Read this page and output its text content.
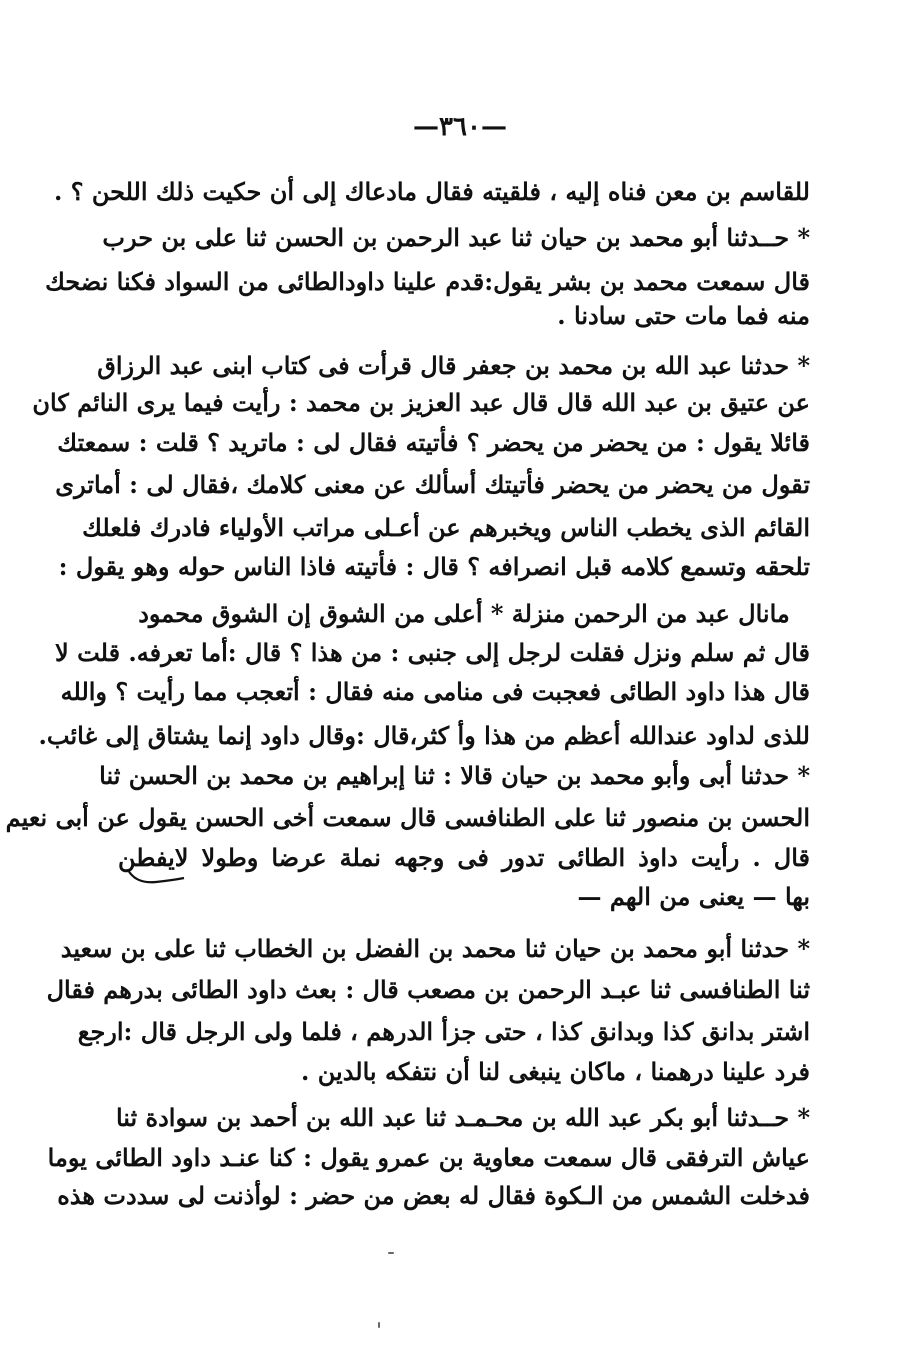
—٣٦٠—
للقاسم بن معن فناه إليه ، فلقيته فقال مادعاك إلى أن حكيت ذلك اللحن ؟ .
* حــدثنا أبو محمد بن حيان ثنا عبد الرحمن بن الحسن ثنا على بن حرب
قال سمعت محمد بن بشر يقول:قدم علينا داودالطائى من السواد فكنا نضحك
منه فما مات حتى سادنا .
* حدثنا عبد الله بن محمد بن جعفر قال قرأت فى كتاب ابنى عبد الرزاق
عن عتيق بن عبد الله قال قال عبد العزيز بن محمد : رأيت فيما يرى النائم كان
قائلا يقول : من يحضر من يحضر ؟ فأتيته فقال لى : ماتريد ؟ قلت : سمعتك
تقول من يحضر من يحضر فأتيتك أسألك عن معنى كلامك ،فقال لى : أماترى
القائم الذى يخطب الناس ويخبرهم عن أعـلى مراتب الأولياء فادرك فلعلك
تلحقه وتسمع كلامه قبل انصرافه ؟ قال : فأتيته فاذا الناس حوله وهو يقول :
مانال عبد من الرحمن منزلة * أعلى من الشوق إن الشوق محمود
قال ثم سلم ونزل فقلت لرجل إلى جنبى : من هذا ؟ قال :أما تعرفه. قلت لا
قال هذا داود الطائى فعجبت فى منامى منه فقال : أتعجب مما رأيت ؟ والله
للذى لداود عندالله أعظم من هذا وأ كثر،قال :وقال داود إنما يشتاق إلى غائب.
* حدثنا أبى وأبو محمد بن حيان قالا : ثنا إبراهيم بن محمد بن الحسن ثنا
الحسن بن منصور ثنا على الطنافسى قال سمعت أخى الحسن يقول عن أبى نعيم
قال . رأيت داوذ الطائى تدور فى وجهه نملة عرضا وطولا لايفطن
بها — يعنى من الهم —
* حدثنا أبو محمد بن حيان ثنا محمد بن الفضل بن الخطاب ثنا على بن سعيد
ثنا الطنافسى ثنا عبـد الرحمن بن مصعب قال : بعث داود الطائى بدرهم فقال
اشتر بدانق كذا وبدانق كذا ، حتى جزأ الدرهم ، فلما ولى الرجل قال :ارجع
فرد علينا درهمنا ، ماكان ينبغى لنا أن نتفكه بالدين .
* حــدثنا أبو بكر عبد الله بن محـمـد ثنا عبد الله بن أحمد بن سوادة ثنا
عياش الترفقى قال سمعت معاوية بن عمرو يقول : كنا عنـد داود الطائى يوما
فدخلت الشمس من الـكوة فقال له بعض من حضر : لوأذنت لى سددت هذه
